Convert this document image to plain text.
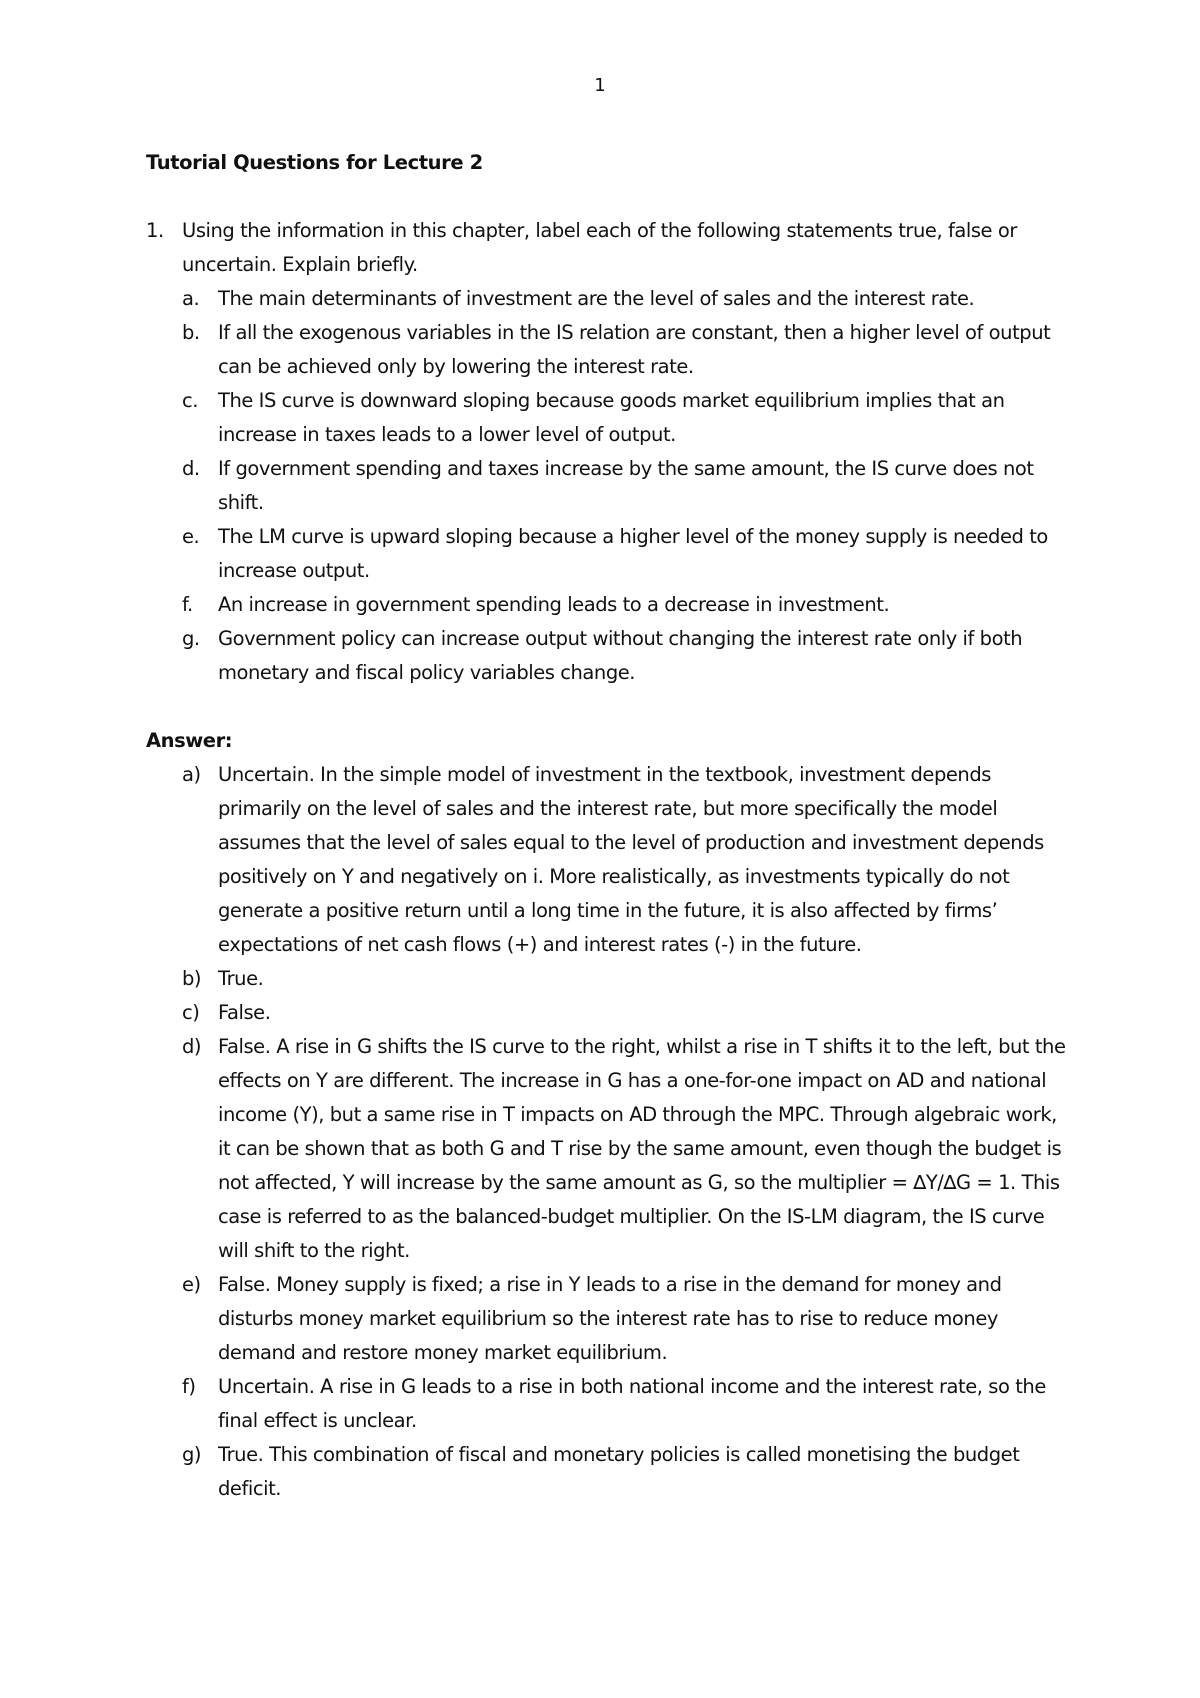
1
Tutorial Questions for Lecture 2
1. Using the information in this chapter, label each of the following statements true, false or uncertain. Explain briefly.
a. The main determinants of investment are the level of sales and the interest rate.
b. If all the exogenous variables in the IS relation are constant, then a higher level of output can be achieved only by lowering the interest rate.
c.	The IS curve is downward sloping because goods market equilibrium implies that an increase in taxes leads to a lower level of output.
d. If government spending and taxes increase by the same amount, the IS curve does not shift.
e. The LM curve is upward sloping because a higher level of the money supply is needed to increase output.
f.	An increase in government spending leads to a decrease in investment.
g. Government policy can increase output without changing the interest rate only if both monetary and fiscal policy variables change.
Answer:
a) Uncertain. In the simple model of investment in the textbook, investment depends primarily on the level of sales and the interest rate, but more specifically the model assumes that the level of sales equal to the level of production and investment depends positively on Y and negatively on i. More realistically, as investments typically do not generate a positive return until a long time in the future, it is also affected by firms’ expectations of net cash flows (+) and interest rates (-) in the future.
b) True.
c) False.
d) False. A rise in G shifts the IS curve to the right, whilst a rise in T shifts it to the left, but the effects on Y are different. The increase in G has a one-for-one impact on AD and national income (Y), but a same rise in T impacts on AD through the MPC. Through algebraic work, it can be shown that as both G and T rise by the same amount, even though the budget is not affected, Y will increase by the same amount as G, so the multiplier = ∆Y/∆G = 1. This case is referred to as the balanced-budget multiplier. On the IS-LM diagram, the IS curve will shift to the right.
e) False. Money supply is fixed; a rise in Y leads to a rise in the demand for money and disturbs money market equilibrium so the interest rate has to rise to reduce money demand and restore money market equilibrium.
f)	Uncertain. A rise in G leads to a rise in both national income and the interest rate, so the final effect is unclear.
g) True. This combination of fiscal and monetary policies is called monetising the budget deficit.
